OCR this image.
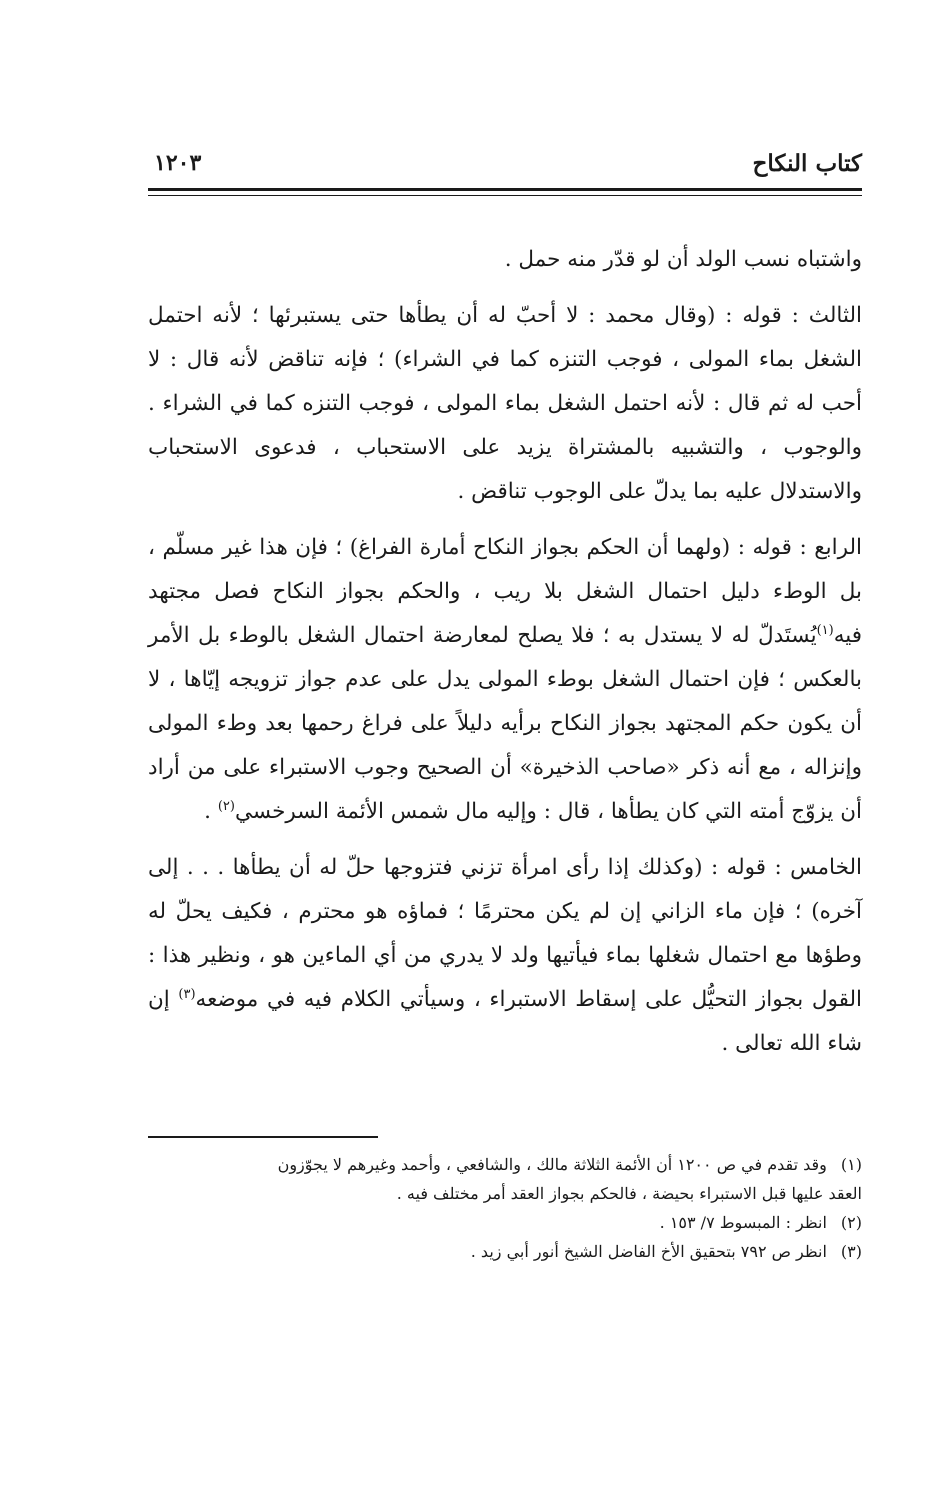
كتاب النكاح
١٢٠٣

واشتباه نسب الولد أن لو قدّر منه حمل .

الثالث : قوله : (وقال محمد : لا أحبّ له أن يطأها حتى يستبرئها ؛ لأنه احتمل الشغل بماء المولى ، فوجب التنزه كما في الشراء) ؛ فإنه تناقض لأنه قال : لا أحب له ثم قال : لأنه احتمل الشغل بماء المولى ، فوجب التنزه كما في الشراء . والوجوب ، والتشبيه بالمشتراة يزيد على الاستحباب ، فدعوى الاستحباب والاستدلال عليه بما يدلّ على الوجوب تناقض .

الرابع : قوله : (ولهما أن الحكم بجواز النكاح أمارة الفراغ) ؛ فإن هذا غير مسلّم ، بل الوطء دليل احتمال الشغل بلا ريب ، والحكم بجواز النكاح فصل مجتهد فيه$^{(١)}$يُستَدلّ له لا يستدل به ؛ فلا يصلح لمعارضة احتمال الشغل بالوطء بل الأمر بالعكس ؛ فإن احتمال الشغل بوطء المولى يدل على عدم جواز تزويجه إيّاها ، لا أن يكون حكم المجتهد بجواز النكاح برأيه دليلاً على فراغ رحمها بعد وطء المولى وإنزاله ، مع أنه ذكر «صاحب الذخيرة» أن الصحيح وجوب الاستبراء على من أراد أن يزوّج أمته التي كان يطأها ، قال : وإليه مال شمس الأئمة السرخسي$^{(٢)}$ .

الخامس : قوله : (وكذلك إذا رأى امرأة تزني فتزوجها حلّ له أن يطأها . . . إلى آخره) ؛ فإن ماء الزاني إن لم يكن محترمًا ؛ فماؤه هو محترم ، فكيف يحلّ له وطؤها مع احتمال شغلها بماء فيأتيها ولد لا يدري من أي الماءين هو ، ونظير هذا : القول بجواز التحيُّل على إسقاط الاستبراء ، وسيأتي الكلام فيه في موضعه$^{(٣)}$ إن شاء الله تعالى .

(١) وقد تقدم في ص ١٢٠٠ أن الأئمة الثلاثة مالك ، والشافعي ، وأحمد وغيرهم لا يجوّزون

العقد عليها قبل الاستبراء بحيضة ، فالحكم بجواز العقد أمر مختلف فيه .

(٢) انظر : المبسوط ٧/ ١٥٣ .

(٣) انظر ص ٧٩٢ بتحقيق الأخ الفاضل الشيخ أنور أبي زيد .
